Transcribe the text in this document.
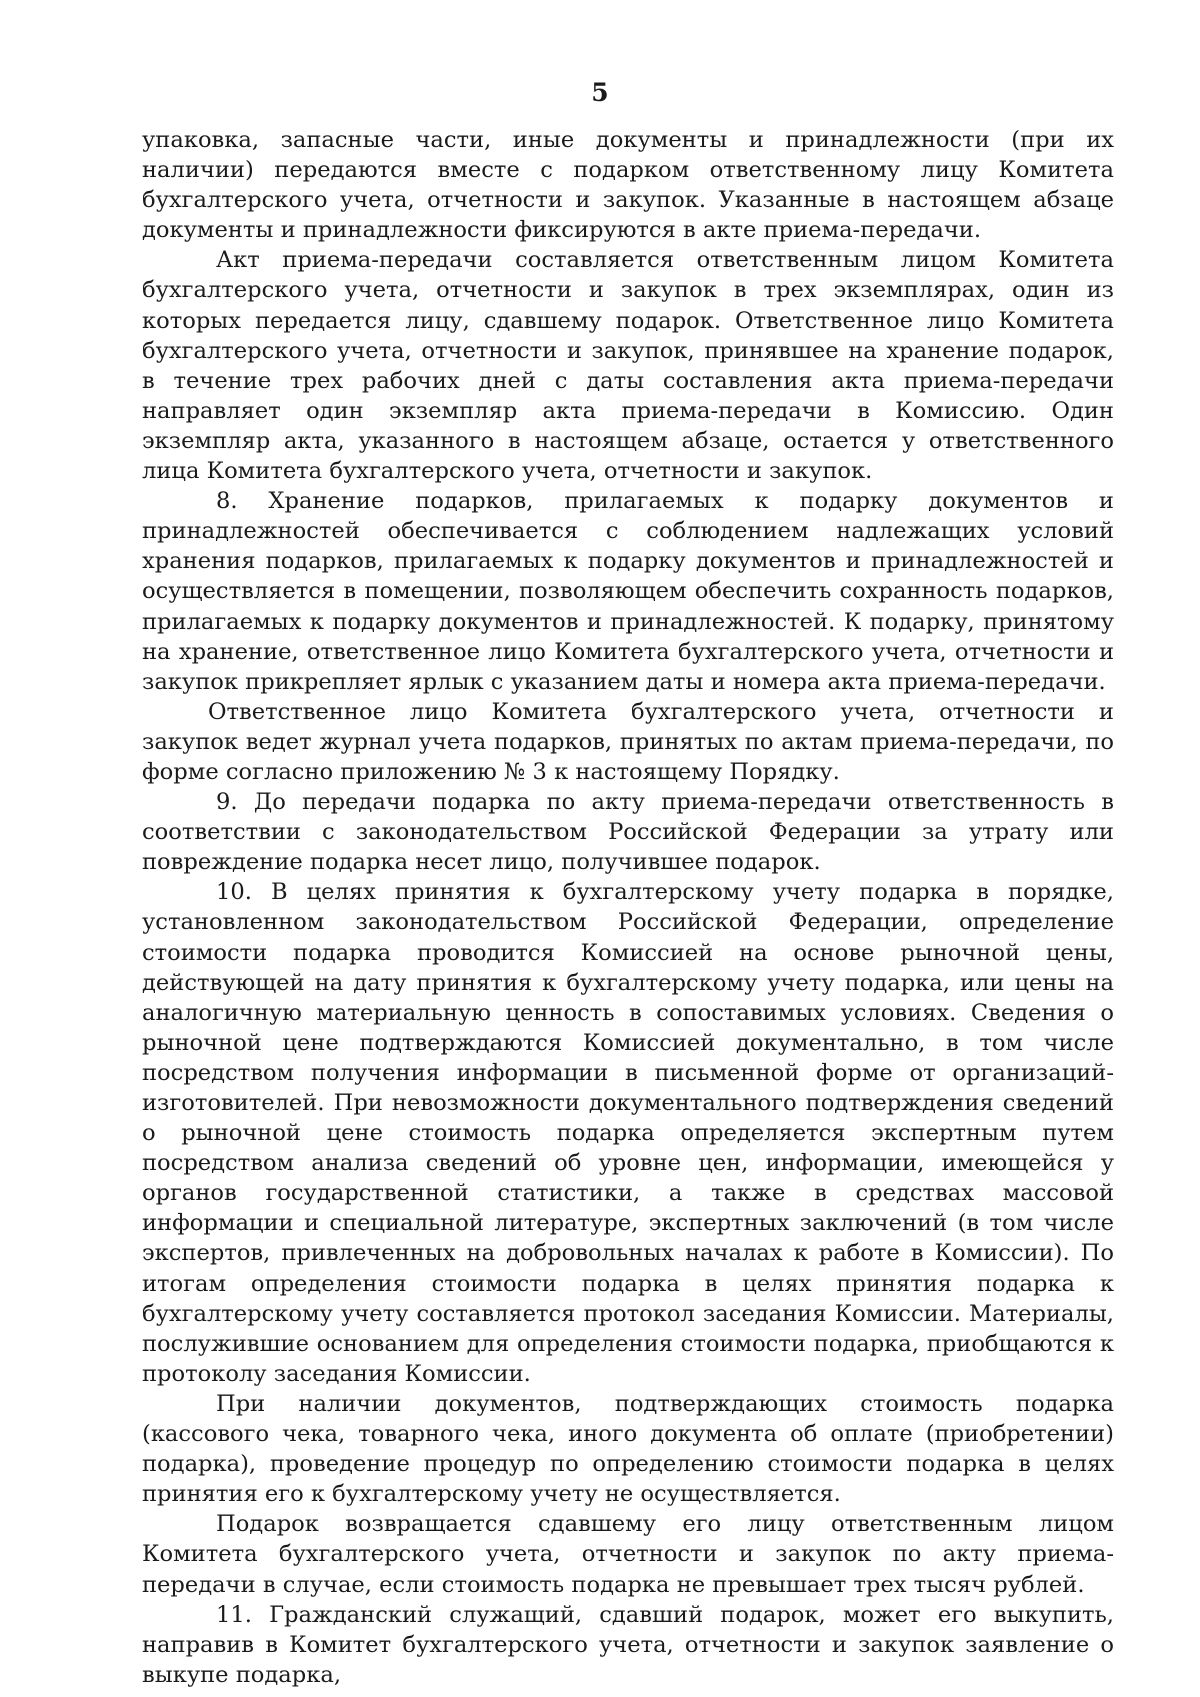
5

упаковка, запасные части, иные документы и принадлежности (при их наличии) передаются вместе с подарком ответственному лицу Комитета бухгалтерского учета, отчетности и закупок. Указанные в настоящем абзаце документы и принадлежности фиксируются в акте приема-передачи.

Акт приема-передачи составляется ответственным лицом Комитета бухгалтерского учета, отчетности и закупок в трех экземплярах, один из которых передается лицу, сдавшему подарок. Ответственное лицо Комитета бухгалтерского учета, отчетности и закупок, принявшее на хранение подарок, в течение трех рабочих дней с даты составления акта приема-передачи направляет один экземпляр акта приема-передачи в Комиссию. Один экземпляр акта, указанного в настоящем абзаце, остается у ответственного лица Комитета бухгалтерского учета, отчетности и закупок.

8. Хранение подарков, прилагаемых к подарку документов и принадлежностей обеспечивается с соблюдением надлежащих условий хранения подарков, прилагаемых к подарку документов и принадлежностей и осуществляется в помещении, позволяющем обеспечить сохранность подарков, прилагаемых к подарку документов и принадлежностей. К подарку, принятому на хранение, ответственное лицо Комитета бухгалтерского учета, отчетности и закупок прикрепляет ярлык с указанием даты и номера акта приема-передачи.

Ответственное лицо Комитета бухгалтерского учета, отчетности и закупок ведет журнал учета подарков, принятых по актам приема-передачи, по форме согласно приложению № 3 к настоящему Порядку.

9. До передачи подарка по акту приема-передачи ответственность в соответствии с законодательством Российской Федерации за утрату или повреждение подарка несет лицо, получившее подарок.

10. В целях принятия к бухгалтерскому учету подарка в порядке, установленном законодательством Российской Федерации, определение стоимости подарка проводится Комиссией на основе рыночной цены, действующей на дату принятия к бухгалтерскому учету подарка, или цены на аналогичную материальную ценность в сопоставимых условиях. Сведения о рыночной цене подтверждаются Комиссией документально, в том числе посредством получения информации в письменной форме от организаций-изготовителей. При невозможности документального подтверждения сведений о рыночной цене стоимость подарка определяется экспертным путем посредством анализа сведений об уровне цен, информации, имеющейся у органов государственной статистики, а также в средствах массовой информации и специальной литературе, экспертных заключений (в том числе экспертов, привлеченных на добровольных началах к работе в Комиссии). По итогам определения стоимости подарка в целях принятия подарка к бухгалтерскому учету составляется протокол заседания Комиссии. Материалы, послужившие основанием для определения стоимости подарка, приобщаются к протоколу заседания Комиссии.

При наличии документов, подтверждающих стоимость подарка (кассового чека, товарного чека, иного документа об оплате (приобретении) подарка), проведение процедур по определению стоимости подарка в целях принятия его к бухгалтерскому учету не осуществляется.

Подарок возвращается сдавшему его лицу ответственным лицом Комитета бухгалтерского учета, отчетности и закупок по акту приема-передачи в случае, если стоимость подарка не превышает трех тысяч рублей.

11. Гражданский служащий, сдавший подарок, может его выкупить, направив в Комитет бухгалтерского учета, отчетности и закупок заявление о выкупе подарка,
